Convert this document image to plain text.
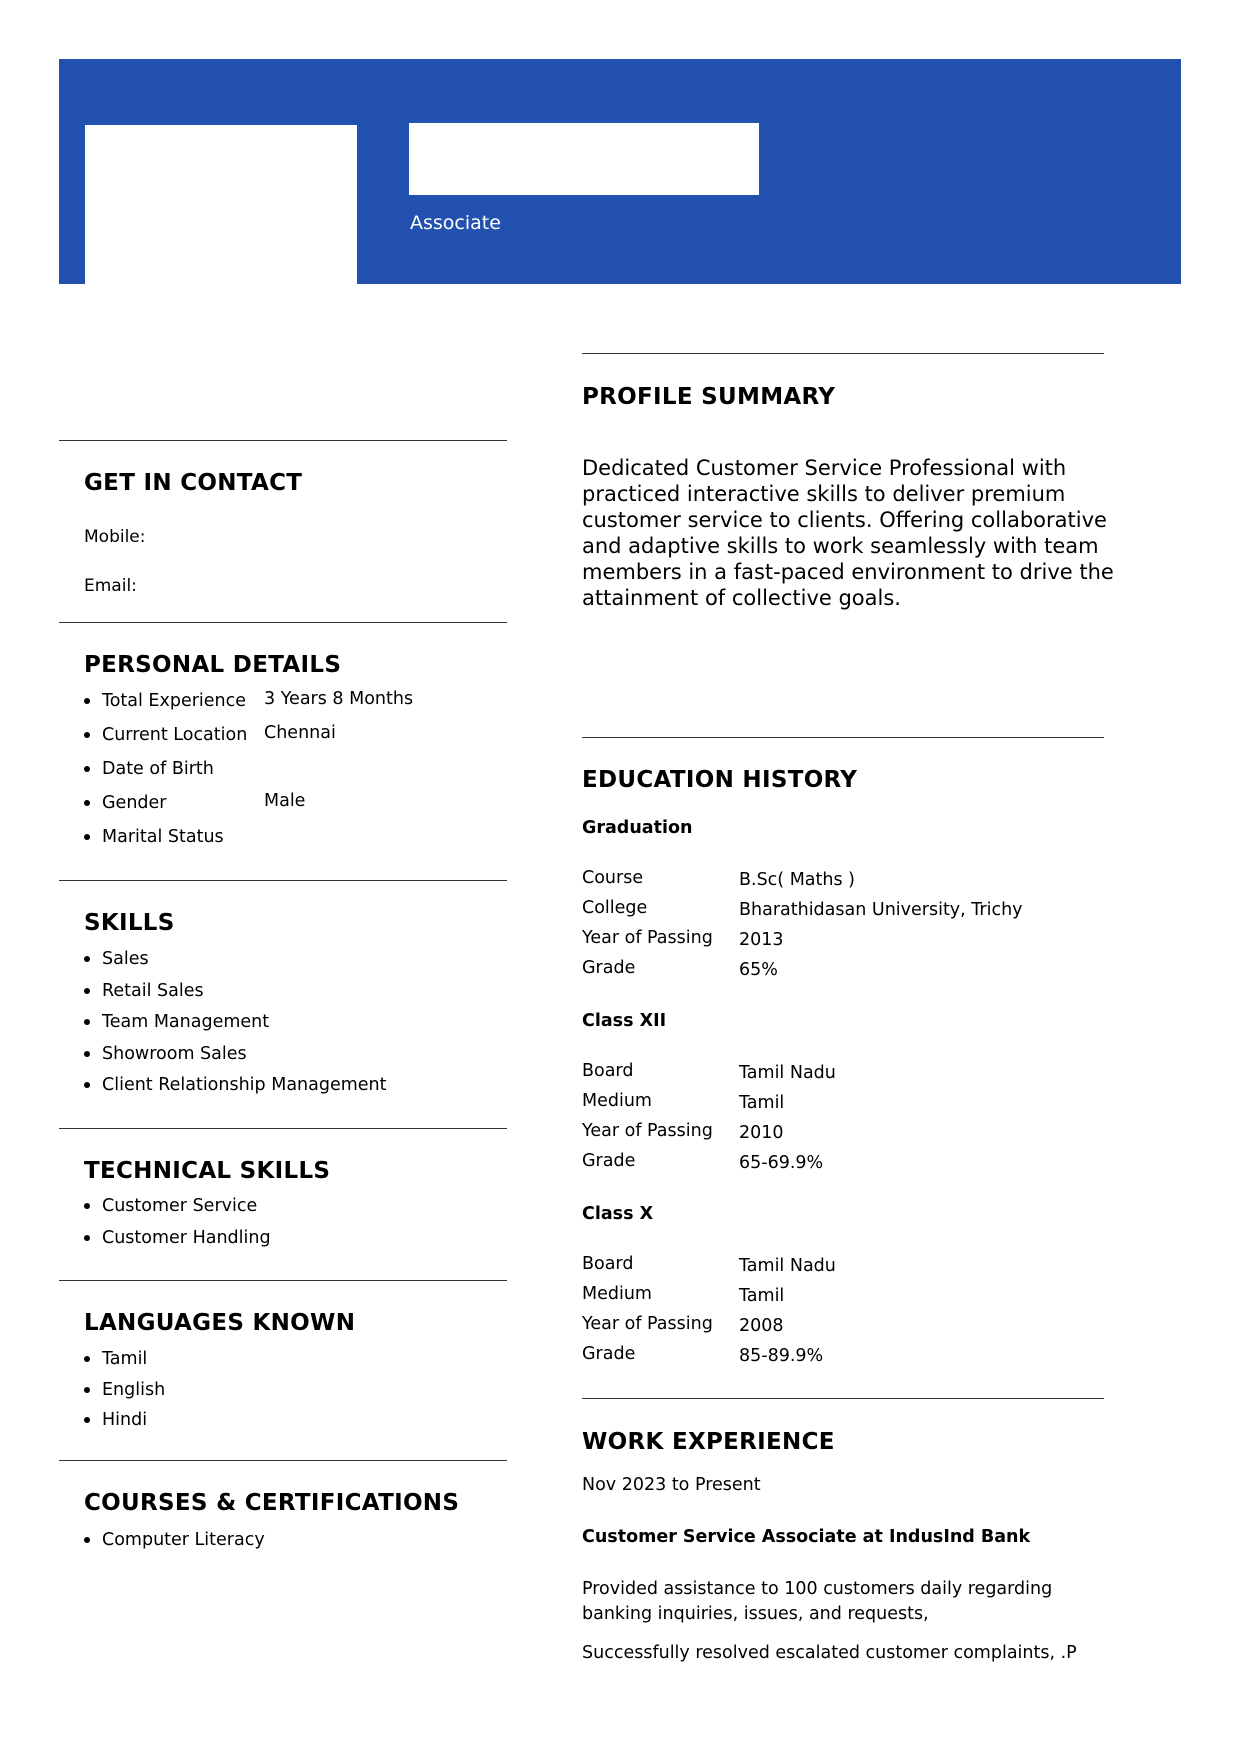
Associate
GET IN CONTACT
Mobile:
Email:
PERSONAL DETAILS
Total Experience 3 Years 8 Months
Current Location Chennai
Date of Birth
Gender	Male
Marital Status
SKILLS
Sales
Retail Sales
Team Management
Showroom Sales
Client Relationship Management
TECHNICAL SKILLS
Customer Service
Customer Handling
LANGUAGES KNOWN
Tamil
English
Hindi
COURSES & CERTIFICATIONS
Computer Literacy
PROFILE SUMMARY
Dedicated Customer Service Professional with practiced interactive skills to deliver premium customer service to clients. Offering collaborative and adaptive skills to work seamlessly with team members in a fast-paced environment to drive the attainment of collective goals.
EDUCATION HISTORY
Graduation
Course	B.Sc( Maths )
College	Bharathidasan University, Trichy
Year of Passing 2013
Grade	65%
Class XII
Board	Tamil Nadu
Medium	Tamil
Year of Passing 2010
Grade	65-69.9%
Class X
Board	Tamil Nadu
Medium	Tamil
Year of Passing 2008
Grade	85-89.9%
WORK EXPERIENCE
Nov 2023 to Present
Customer Service Associate at IndusInd Bank
Provided assistance to 100 customers daily regarding banking inquiries, issues, and requests,
Successfully resolved escalated customer complaints, .P
